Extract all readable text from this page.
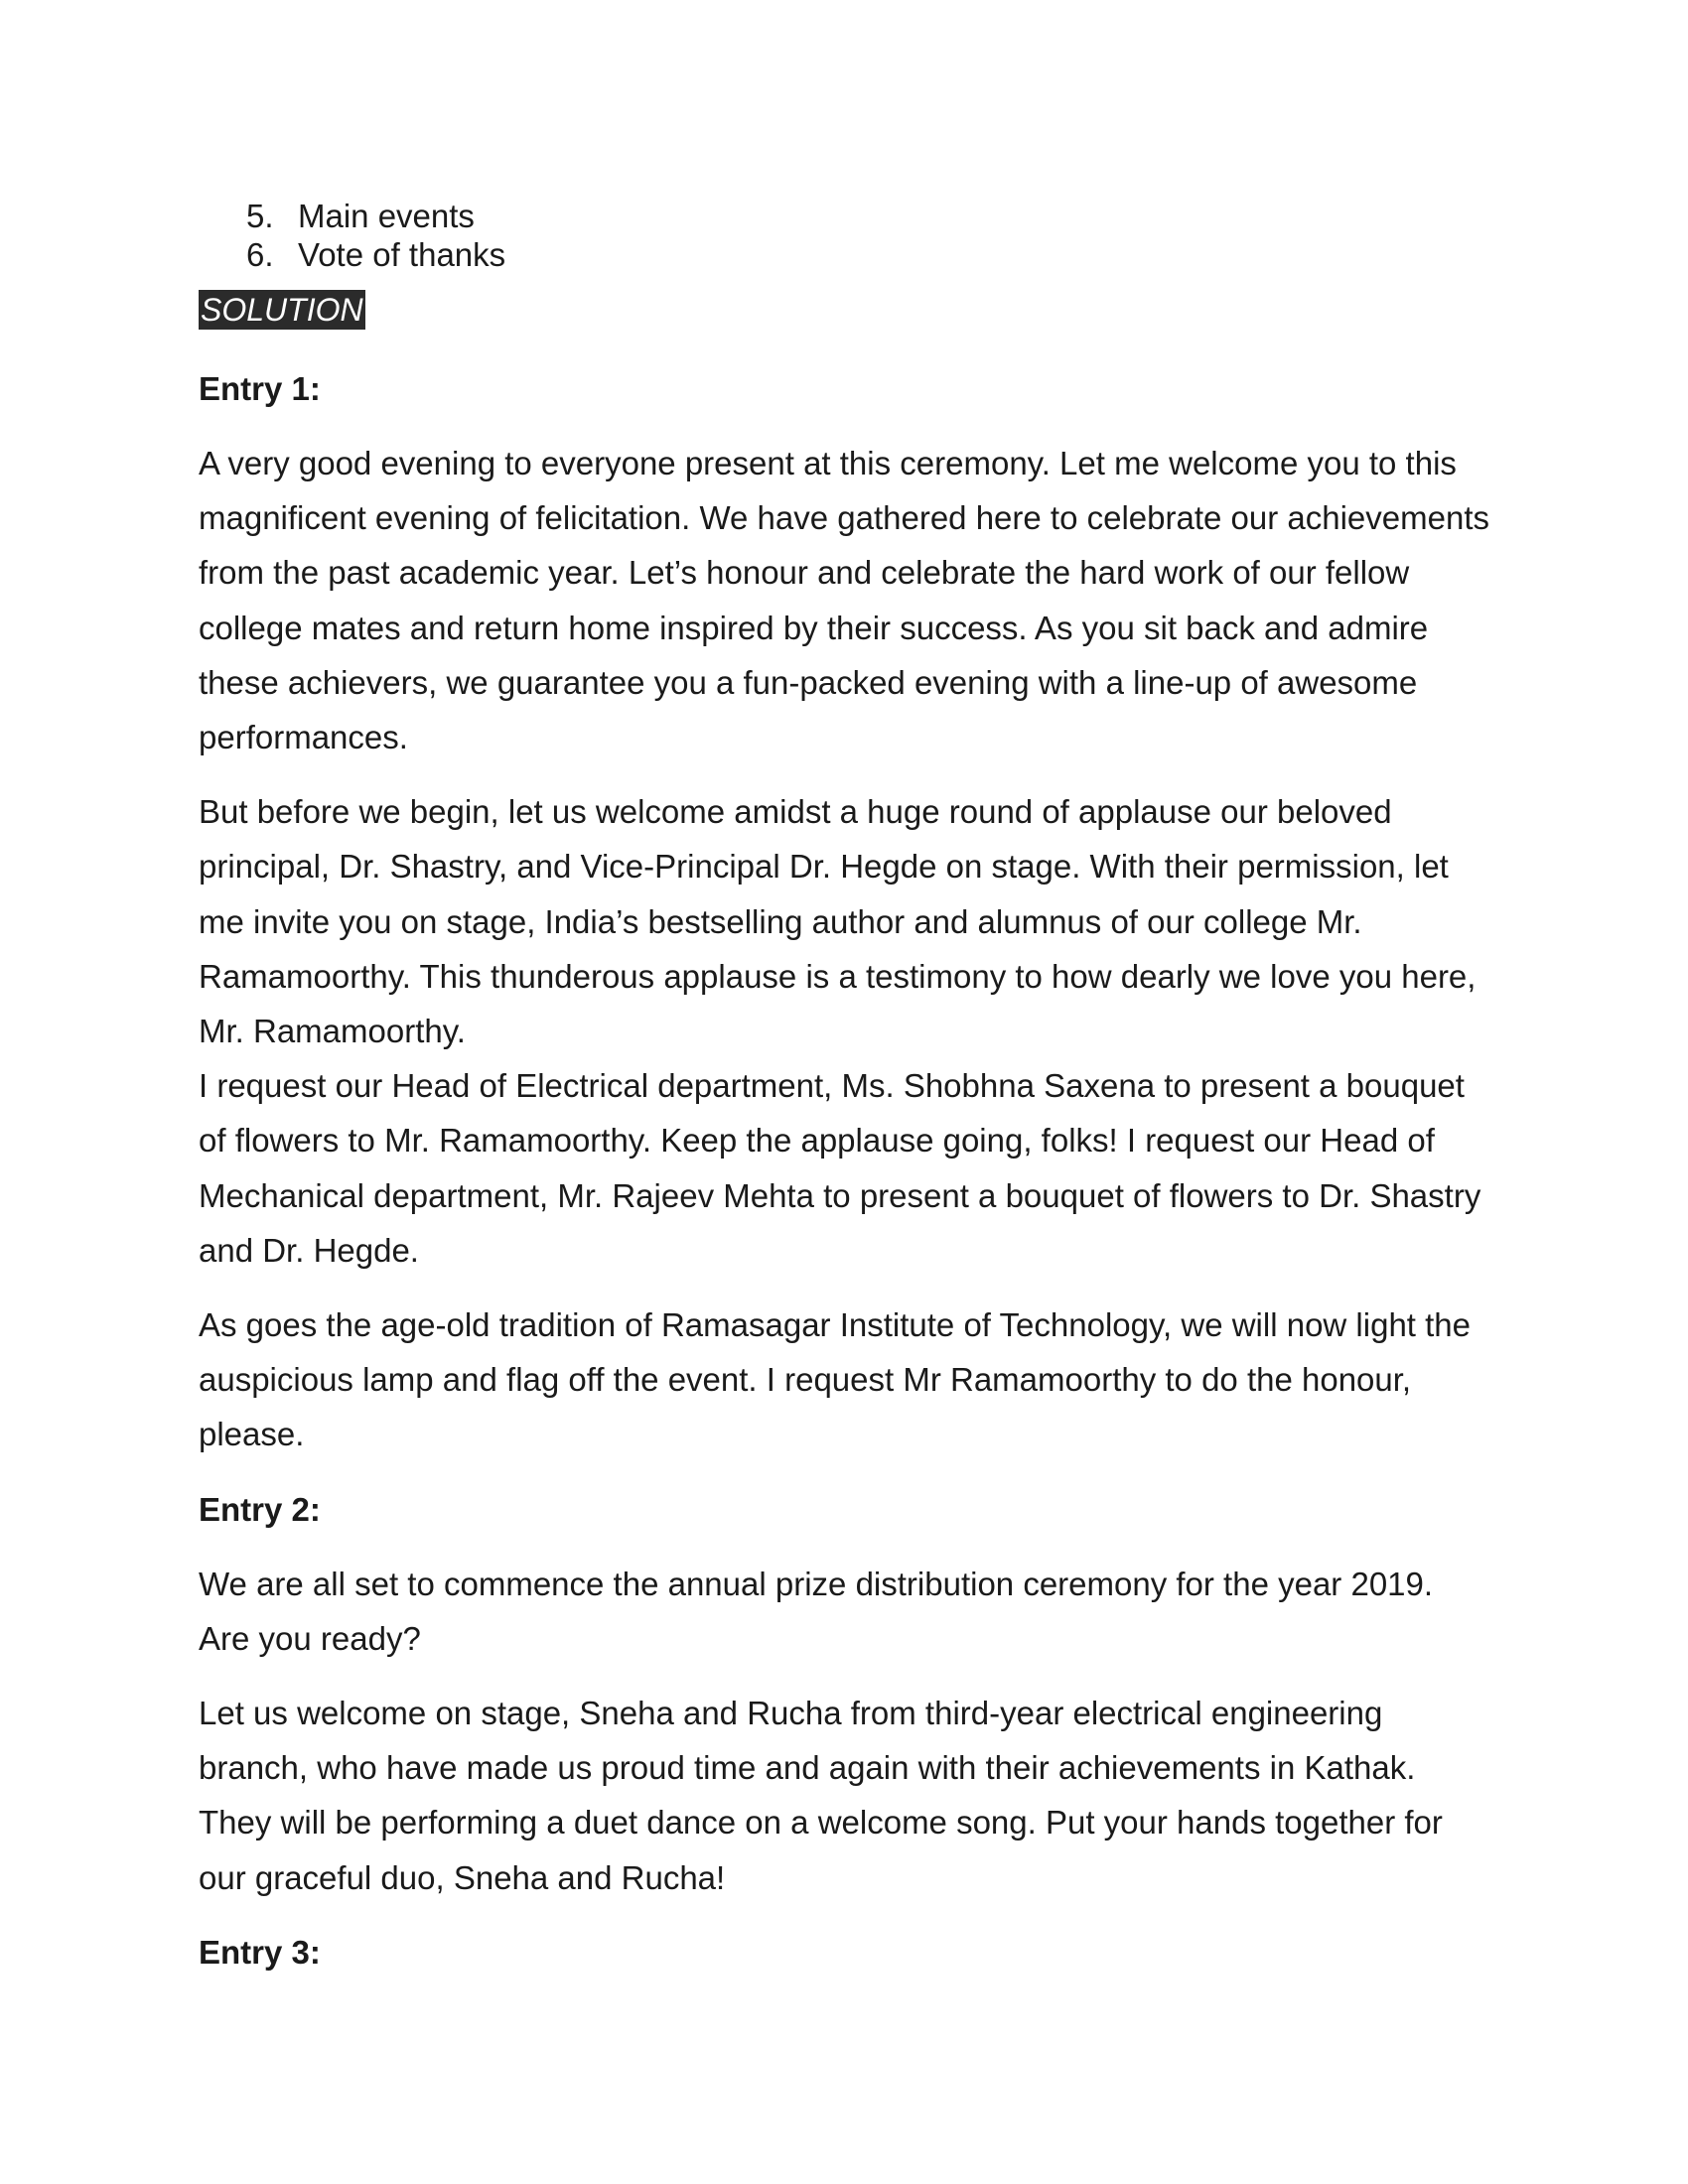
5. Main events
6. Vote of thanks
SOLUTION
Entry 1:

A very good evening to everyone present at this ceremony. Let me welcome you to this magnificent evening of felicitation. We have gathered here to celebrate our achievements from the past academic year. Let’s honour and celebrate the hard work of our fellow college mates and return home inspired by their success. As you sit back and admire these achievers, we guarantee you a fun-packed evening with a line-up of awesome performances.

But before we begin, let us welcome amidst a huge round of applause our beloved principal, Dr. Shastry, and Vice-Principal Dr. Hegde on stage. With their permission, let me invite you on stage, India’s bestselling author and alumnus of our college Mr. Ramamoorthy. This thunderous applause is a testimony to how dearly we love you here, Mr. Ramamoorthy.

I request our Head of Electrical department, Ms. Shobhna Saxena to present a bouquet of flowers to Mr. Ramamoorthy. Keep the applause going, folks! I request our Head of Mechanical department, Mr. Rajeev Mehta to present a bouquet of flowers to Dr. Shastry and Dr. Hegde.

As goes the age-old tradition of Ramasagar Institute of Technology, we will now light the auspicious lamp and flag off the event. I request Mr Ramamoorthy to do the honour, please.

Entry 2:

We are all set to commence the annual prize distribution ceremony for the year 2019. Are you ready?

Let us welcome on stage, Sneha and Rucha from third-year electrical engineering branch, who have made us proud time and again with their achievements in Kathak. They will be performing a duet dance on a welcome song. Put your hands together for our graceful duo, Sneha and Rucha!

Entry 3:
